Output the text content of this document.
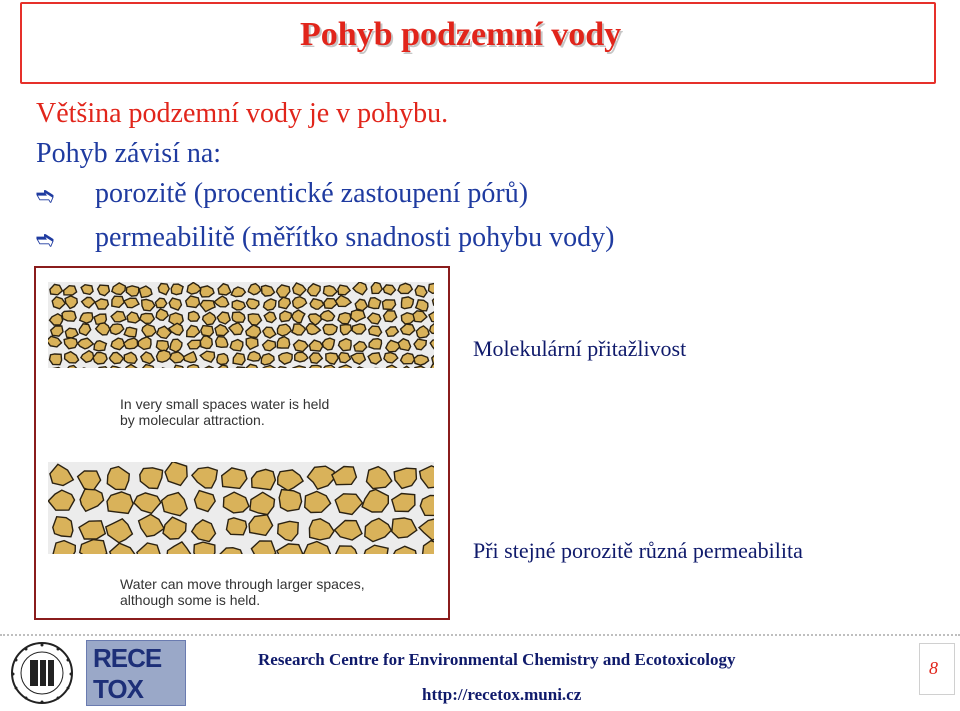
Pohyb podzemní vody
Většina podzemní vody je v pohybu.
Pohyb závisí na:
➬ porozitě (procentické zastoupení pórů)
➬ permeabilitě (měřítko snadnosti pohybu vody)
In very small spaces water is held
by molecular attraction.
Water can move through larger spaces,
although some is held.
Molekulární přitažlivost
Při stejné porozitě různá permeabilita
RECE
TOX
Research Centre for Environmental Chemistry and Ecotoxicology
http://recetox.muni.cz
8
